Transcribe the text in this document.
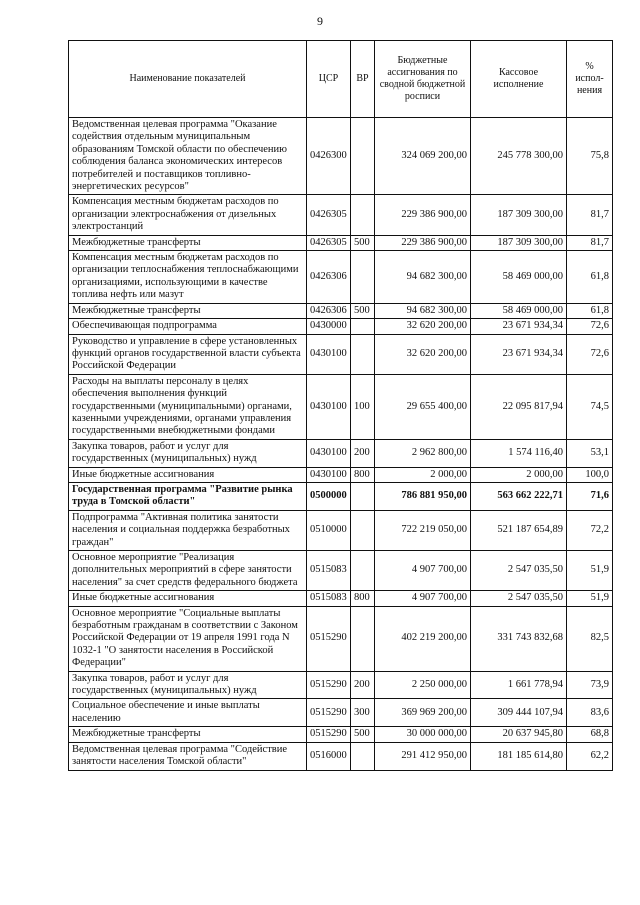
9
Наименование показателей	ЦСР	ВР	Бюджетные ассигнования по сводной бюджетной росписи	Кассовое исполнение	% испол-нения
Ведомственная целевая программа "Оказание содействия отдельным муниципальным образованиям Томской области по обеспечению соблюдения баланса экономических интересов потребителей и поставщиков топливно-энергетических ресурсов"	0426300		324 069 200,00	245 778 300,00	75,8
Компенсация местным бюджетам расходов по организации электроснабжения от дизельных электростанций	0426305		229 386 900,00	187 309 300,00	81,7
Межбюджетные трансферты	0426305	500	229 386 900,00	187 309 300,00	81,7
Компенсация местным бюджетам расходов по организации теплоснабжения теплоснабжающими организациями, использующими в качестве топлива нефть или мазут	0426306		94 682 300,00	58 469 000,00	61,8
Межбюджетные трансферты	0426306	500	94 682 300,00	58 469 000,00	61,8
Обеспечивающая подпрограмма	0430000		32 620 200,00	23 671 934,34	72,6
Руководство и управление в сфере установленных функций органов государственной власти субъекта Российской Федерации	0430100		32 620 200,00	23 671 934,34	72,6
Расходы на выплаты персоналу в целях обеспечения выполнения функций государственными (муниципальными) органами, казенными учреждениями, органами управления государственными внебюджетными фондами	0430100	100	29 655 400,00	22 095 817,94	74,5
Закупка товаров, работ и услуг для государственных (муниципальных) нужд	0430100	200	2 962 800,00	1 574 116,40	53,1
Иные бюджетные ассигнования	0430100	800	2 000,00	2 000,00	100,0
Государственная программа "Развитие рынка труда в Томской области"	0500000		786 881 950,00	563 662 222,71	71,6
Подпрограмма "Активная политика занятости населения и социальная поддержка безработных граждан"	0510000		722 219 050,00	521 187 654,89	72,2
Основное мероприятие "Реализация дополнительных мероприятий в сфере занятости населения" за счет средств федерального бюджета	0515083		4 907 700,00	2 547 035,50	51,9
Иные бюджетные ассигнования	0515083	800	4 907 700,00	2 547 035,50	51,9
Основное мероприятие "Социальные выплаты безработным гражданам в соответствии с Законом Российской Федерации от 19 апреля 1991 года N 1032-1 "О занятости населения в Российской Федерации"	0515290		402 219 200,00	331 743 832,68	82,5
Закупка товаров, работ и услуг для государственных (муниципальных) нужд	0515290	200	2 250 000,00	1 661 778,94	73,9
Социальное обеспечение и иные выплаты населению	0515290	300	369 969 200,00	309 444 107,94	83,6
Межбюджетные трансферты	0515290	500	30 000 000,00	20 637 945,80	68,8
Ведомственная целевая программа "Содействие занятости населения Томской области"	0516000		291 412 950,00	181 185 614,80	62,2
